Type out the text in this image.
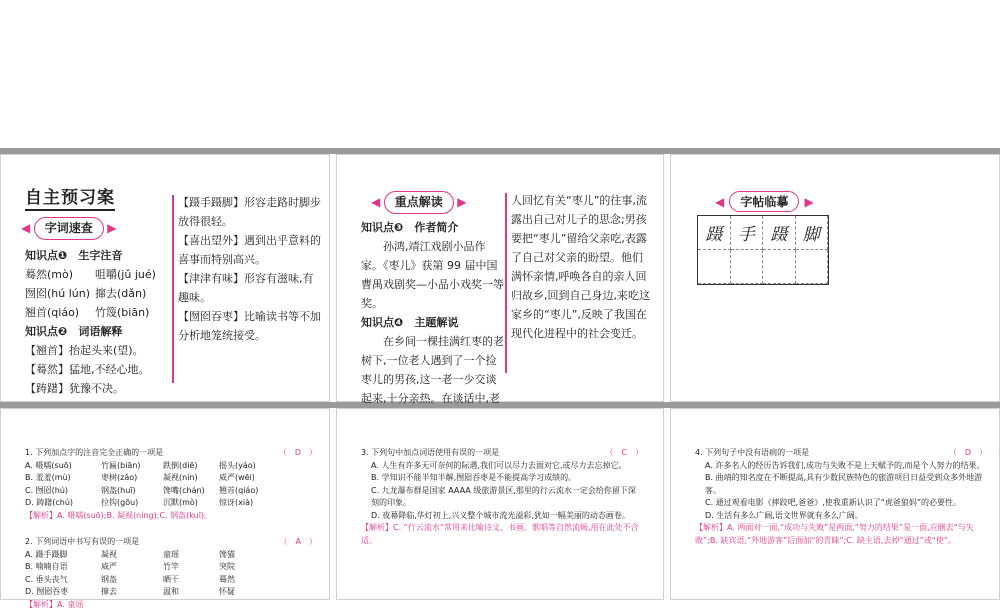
自主预习案
◀ 字词速查 ▶
知识点❶　生字注音
蓦然(mò)	咀嚼(jǔ jué)
囫囵(hú lún) 撺去(dǎn)
翘首(qiáo)	竹篾(biān)
知识点❷　词语解释
【翘首】抬起头来(望)。
【蓦然】猛地,不经心地。
【踌躇】犹豫不决。
【蹑手蹑脚】形容走路时脚步放得很轻。
【喜出望外】遇到出乎意料的喜事而特别高兴。
【津津有味】形容有滋味,有趣味。
【囫囵吞枣】比喻读书等不加分析地笼统接受。
◀ 重点解读 ▶
知识点❸　作者简介
孙鸿,靖江戏剧小品作家。《枣儿》获第 99 届中国曹禺戏剧奖—小品小戏奖一等奖。
知识点❹　主题解说
在乡间一棵挂满红枣的老树下,一位老人遇到了一个捡枣儿的男孩,这一老一少交谈起来,十分亲热。在谈话中,老
人回忆有关“枣儿”的往事,流露出自己对儿子的思念;男孩要把“枣儿”留给父亲吃,表露了自己对父亲的盼望。他们满怀亲情,呼唤各自的亲人回归故乡,回到自己身边,来吃这家乡的“枣儿”,反映了我国在现代化进程中的社会变迁。
◀ 字帖临摹 ▶
蹑 手 蹑 脚
1. 下列加点字的注音完全正确的一项是	（　D　）
A. 嗫嚅(suō)	竹匾(biān)	跌倒(diē)	摇头(yáo)
B. 羞羞(mù)	枣树(zǎo)	凝视(nín)	威严(wēi)
C. 囫囵(hú)	钢盔(huī)	馋嘴(chán)	翘首(qiáo)
D. 踌躇(chú)	拉钩(gōu)	沉默(mò)	惊讶(xià)
【解析】A. 嗫嚅(suō);B. 凝视(níng);C. 钢盔(kuī)。
2. 下列词语中书写有误的一项是	（　A　）
A. 蹑手蹑脚	凝视	童瑶	馋猫
B. 喃喃自语	威严	竹竿	突院
C. 垂头丧气	钢盔	晒干	蓦然
D. 囫囵吞枣	撺去	温和	怀疑
【解析】A. 童谣
3. 下列句中加点词语使用有误的一项是	（　C　）
A. 人生有许多无可奈何的际遇,我们可以尽力去面对它,或尽力去忘掉它。
B. 学知识不能半知半解,囫囵吞枣是不能提高学习成绩的。
C. 九龙瀑布群是国家 AAAA 级旅游景区,那里的行云流水一定会给你留下深刻的印象。
D. 夜幕降临,华灯初上,兴义整个城市流光溢彩,犹如一幅美丽的动态画卷。
【解析】C. “行云流水”常用来比喻诗文、书画、歌唱等自然流畅,用在此处不合适。
4. 下列句子中没有语病的一项是	（　D　）
A. 许多名人的经历告诉我们,成功与失败不是上天赋予的,而是个人努力的结果。
B. 曲靖的知名度在不断提高,具有少数民族特色的旅游项目日益受到众多外地游客。
C. 通过观看电影《摔跤吧,爸爸》,使我重新认识了“虎爸狼妈”的必要性。
D. 生活有多么广阔,语文世界就有多么广阔。
【解析】A. 两面对一面,“成功与失败”是两面,“努力的结果”是一面,应删去“与失败”;B. 缺宾语,“外地游客”后面加“的青睐”;C. 缺主语,去掉“通过”或“使”。
